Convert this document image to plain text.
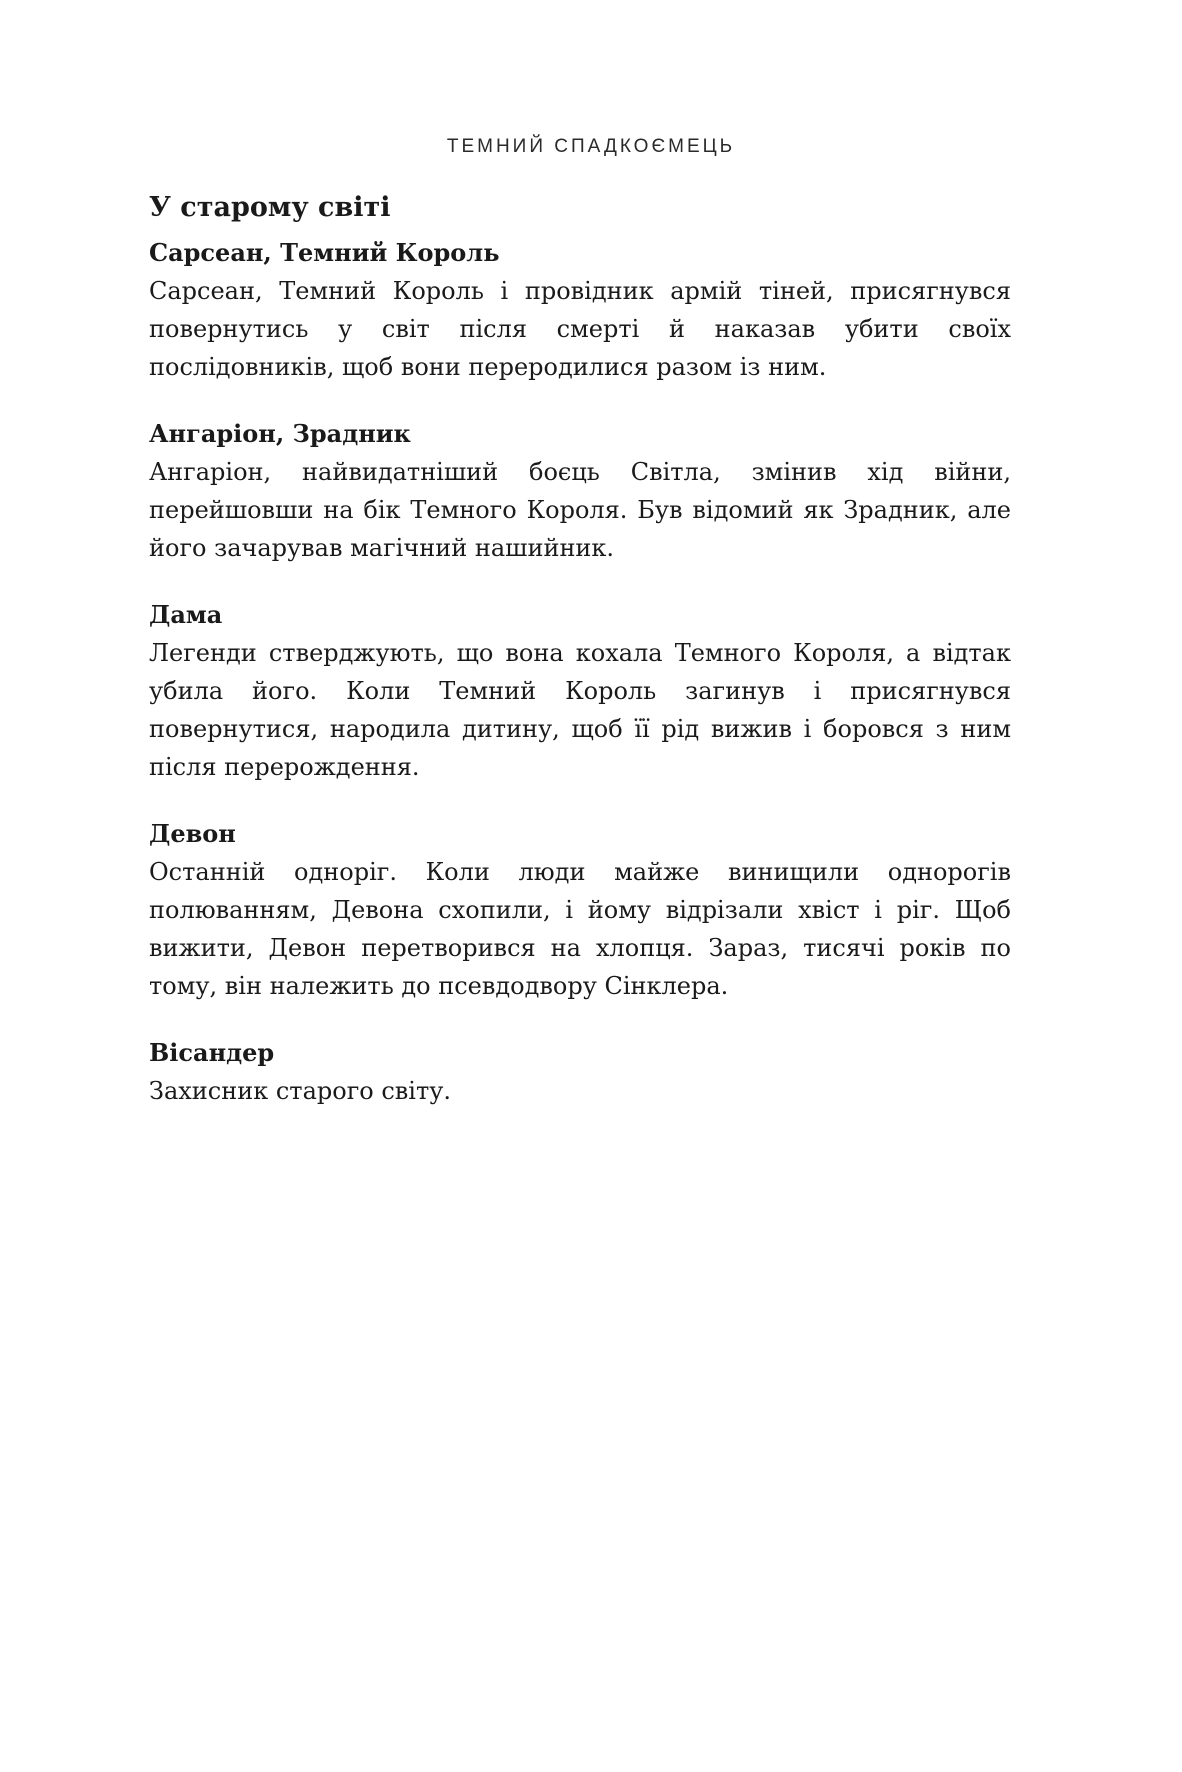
ТЕМНИЙ СПАДКОЄМЕЦЬ
У старому світі
Сарсеан, Темний Король

Сарсеан, Темний Король і провідник армій тіней, присягнувся повернутись у світ після смерті й наказав убити своїх послідовників, щоб вони переродилися разом із ним.

Ангаріон, Зрадник

Ангаріон, найвидатніший боєць Світла, змінив хід війни, перейшовши на бік Темного Короля. Був відомий як Зрадник, але його зачарував магічний нашийник.

Дама

Легенди стверджують, що вона кохала Темного Короля, а відтак убила його. Коли Темний Король загинув і присягнувся повернутися, народила дитину, щоб її рід вижив і боровся з ним після перерождення.

Девон

Останній одноріг. Коли люди майже винищили однорогів полюванням, Девона схопили, і йому відрізали хвіст і ріг. Щоб вижити, Девон перетворився на хлопця. Зараз, тисячі років по тому, він належить до псевдодвору Сінклера.

Вісандер

Захисник старого світу.
